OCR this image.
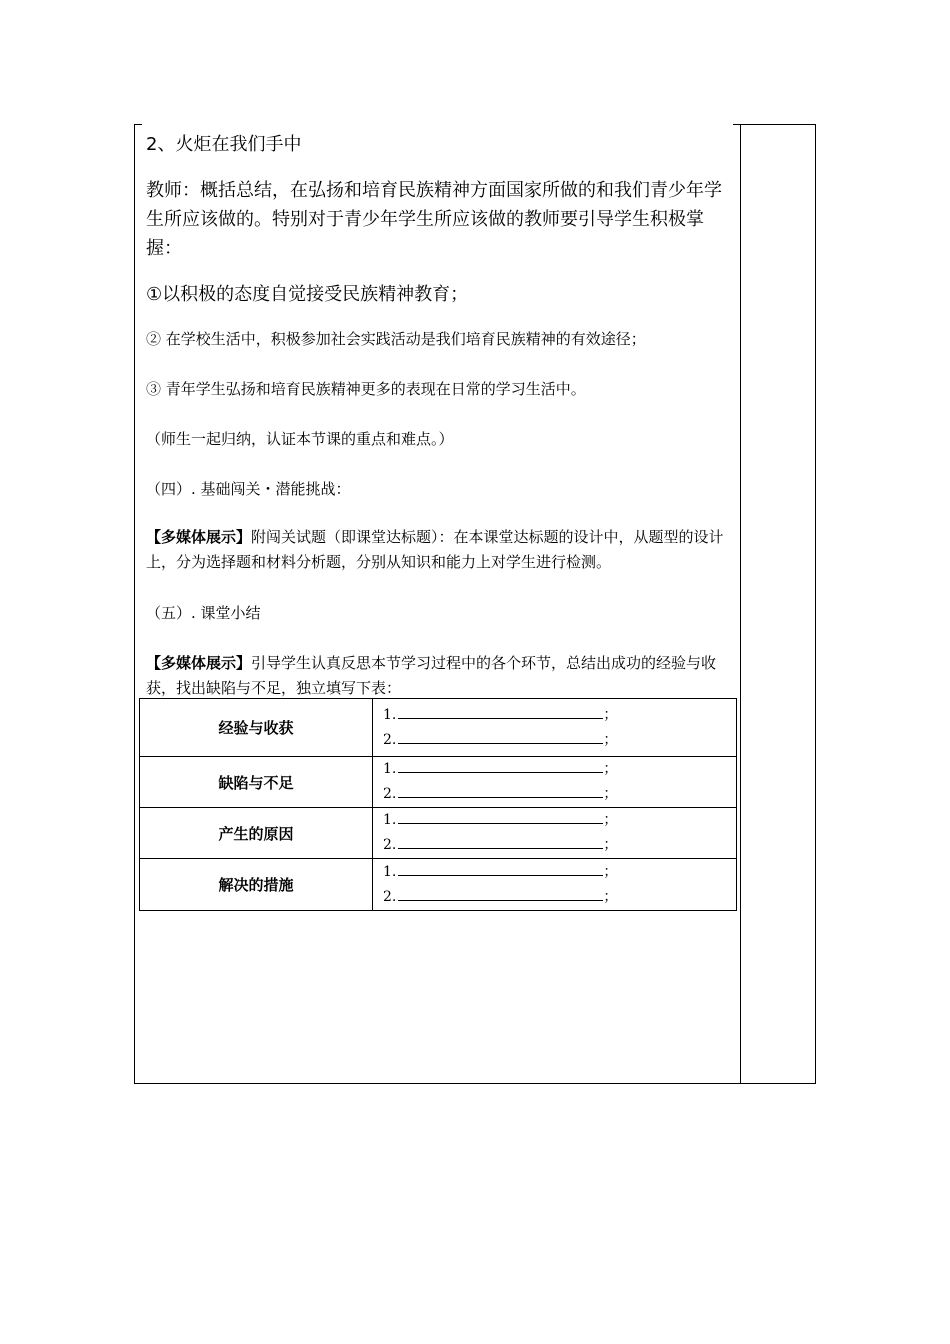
2、火炬在我们手中
教师：概括总结，在弘扬和培育民族精神方面国家所做的和我们青少年学生所应该做的。特别对于青少年学生所应该做的教师要引导学生积极掌握：
①以积极的态度自觉接受民族精神教育；
② 在学校生活中，积极参加社会实践活动是我们培育民族精神的有效途径；
③ 青年学生弘扬和培育民族精神更多的表现在日常的学习生活中。
（师生一起归纳，认证本节课的重点和难点。）
（四）. 基础闯关・潜能挑战：
【多媒体展示】附闯关试题（即课堂达标题）：在本课堂达标题的设计中，从题型的设计上，分为选择题和材料分析题，分别从知识和能力上对学生进行检测。
（五）. 课堂小结
【多媒体展示】引导学生认真反思本节学习过程中的各个环节，总结出成功的经验与收获，找出缺陷与不足，独立填写下表：
经验与收获	1. ；
2. ；

缺陷与不足	1. ；
2. ；

产生的原因	1. ；
2. ；

解决的措施	1. ；
2. ；
